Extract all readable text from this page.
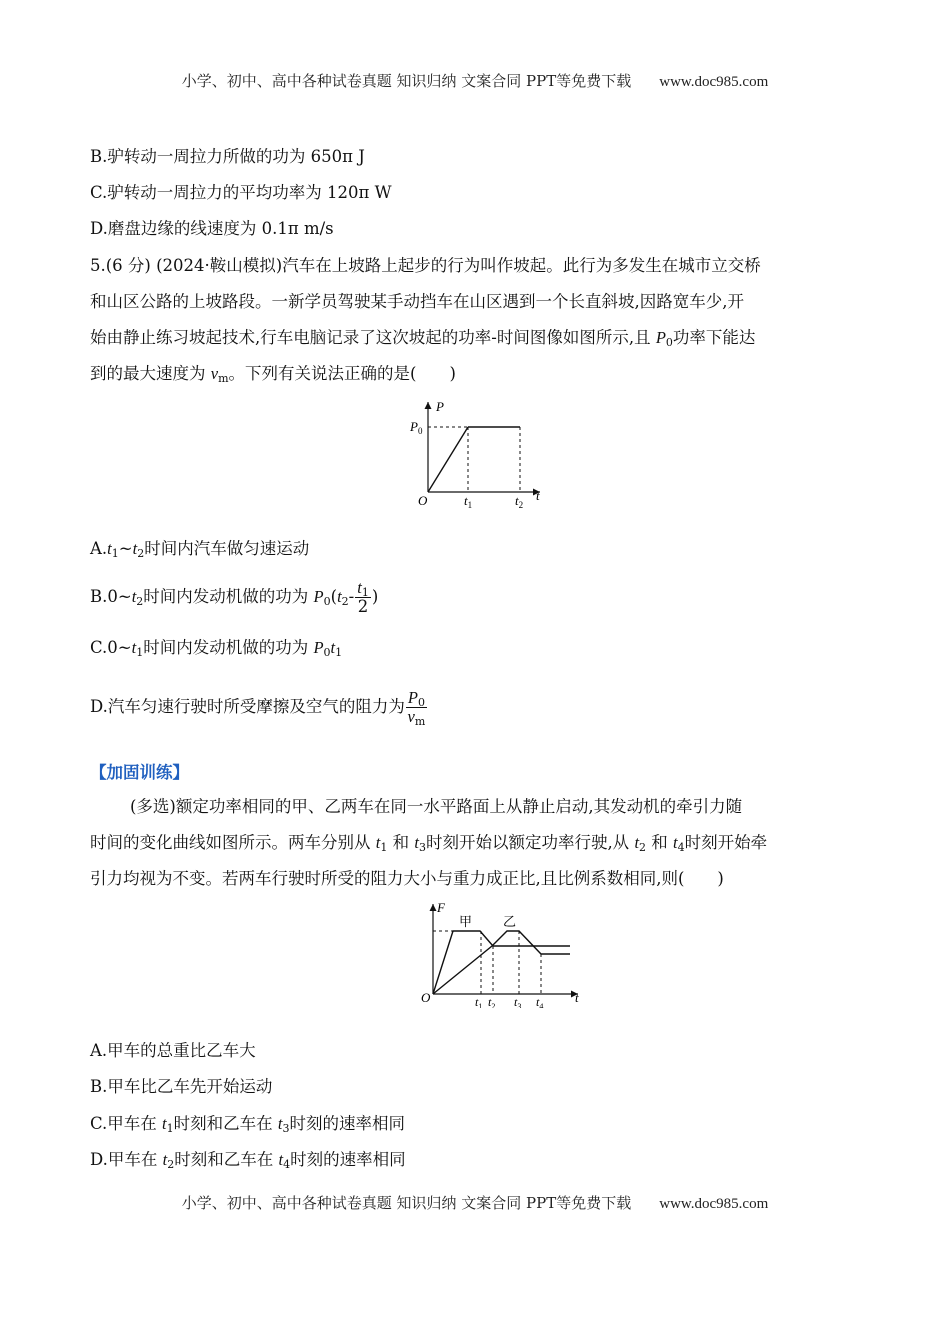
小学、初中、高中各种试卷真题 知识归纳 文案合同 PPT等免费下载 www.doc985.com
B.驴转动一周拉力所做的功为 650π J
C.驴转动一周拉力的平均功率为 120π W
D.磨盘边缘的线速度为 0.1π m/s

5.(6 分) (2024·鞍山模拟)汽车在上坡路上起步的行为叫作坡起。此行为多发生在城市立交桥

和山区公路的上坡路段。一新学员驾驶某手动挡车在山区遇到一个长直斜坡,因路宽车少,开

始由静止练习坡起技术,行车电脑记录了这次坡起的功率-时间图像如图所示,且 $P_0$功率下能达

到的最大速度为 $v_m$。下列有关说法正确的是(　　)

P
$P_0$
O	$t_1$	$t_2$
t
$A.t_1\sim t_2$时间内汽车做匀速运动
$B.0\sim t_2$时间内发动机做的功为 $P_0(t_2- \frac{t_1}{2}$ )
$C.0\sim t_1$时间内发动机做的功为 $P_0t_1$
D.汽车匀速行驶时所受摩擦及空气的阻力为 $\frac{P_0}{v_m}$
【加固训练】

(多选)额定功率相同的甲、乙两车在同一水平路面上从静止启动,其发动机的牵引力随

时间的变化曲线如图所示。两车分别从 $t_1$ 和 $t_3$时刻开始以额定功率行驶,从 $t_2$ 和 $t_4$时刻开始牵

引力均视为不变。若两车行驶时所受的阻力大小与重力成正比,且比例系数相同,则(　　)

F
甲 乙
O	$t_1$ $t_2$ $t_3$ $t_4$
t
A.甲车的总重比乙车大
B.甲车比乙车先开始运动
C.甲车在 $t_1$时刻和乙车在 $t_3$时刻的速率相同
D.甲车在 $t_2$时刻和乙车在 $t_4$时刻的速率相同
小学、初中、高中各种试卷真题 知识归纳 文案合同 PPT等免费下载 www.doc985.com
